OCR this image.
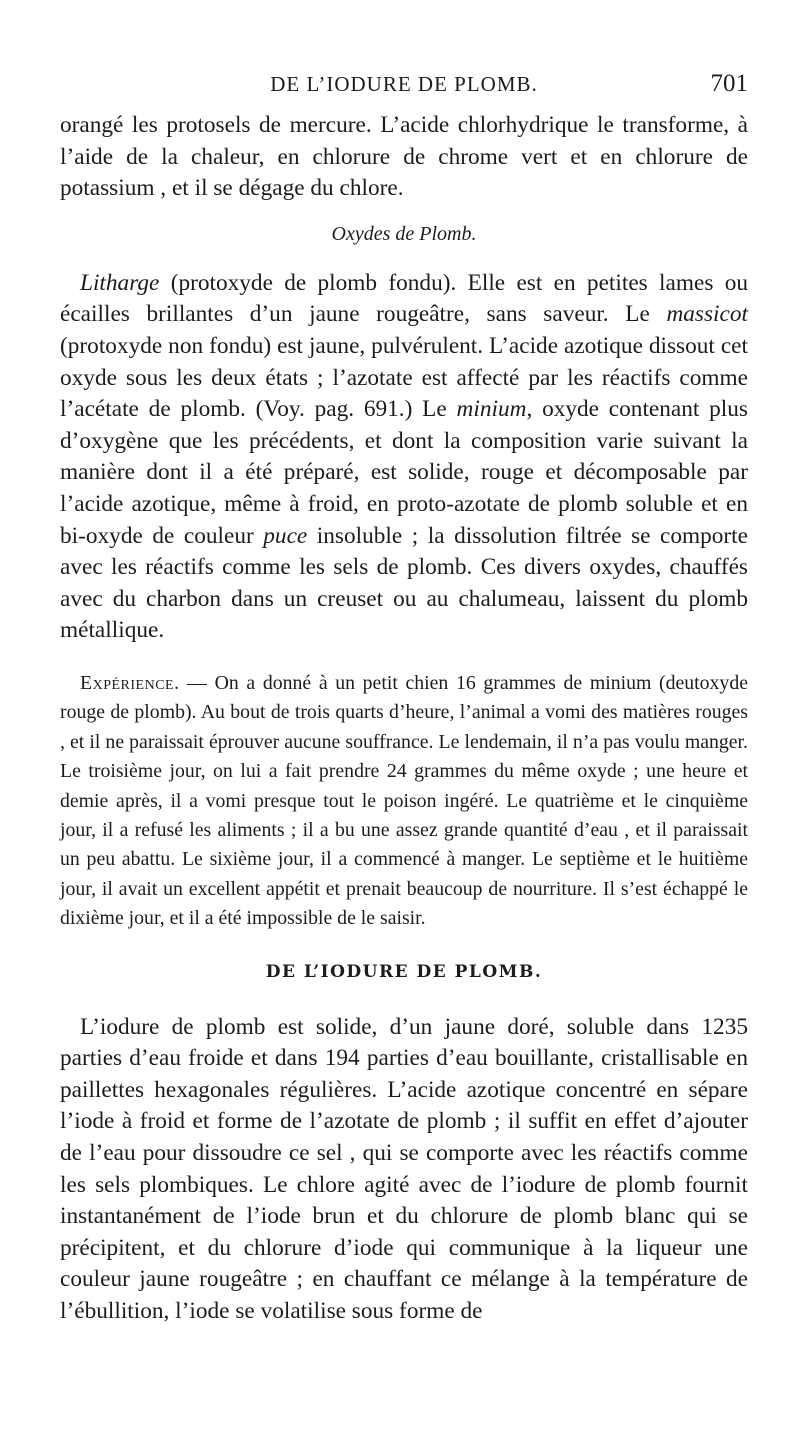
DE L’IODURE DE PLOMB.	701

orangé les protosels de mercure. L’acide chlorhydrique le transforme, à l’aide de la chaleur, en chlorure de chrome vert et en chlorure de potassium , et il se dégage du chlore.

Oxydes de Plomb.

Litharge (protoxyde de plomb fondu). Elle est en petites lames ou écailles brillantes d’un jaune rougeâtre, sans saveur. Le massicot (protoxyde non fondu) est jaune, pulvérulent. L’acide azotique dissout cet oxyde sous les deux états ; l’azotate est affecté par les réactifs comme l’acétate de plomb. (Voy. pag. 691.) Le minium, oxyde contenant plus d’oxygène que les précédents, et dont la composition varie suivant la manière dont il a été préparé, est solide, rouge et décomposable par l’acide azotique, même à froid, en proto-azotate de plomb soluble et en bi-oxyde de couleur puce insoluble ; la dissolution filtrée se comporte avec les réactifs comme les sels de plomb. Ces divers oxydes, chauffés avec du charbon dans un creuset ou au chalumeau, laissent du plomb métallique.

Expérience. — On a donné à un petit chien 16 grammes de minium (deutoxyde rouge de plomb). Au bout de trois quarts d’heure, l’animal a vomi des matières rouges , et il ne paraissait éprouver aucune souffrance. Le lendemain, il n’a pas voulu manger. Le troisième jour, on lui a fait prendre 24 grammes du même oxyde ; une heure et demie après, il a vomi presque tout le poison ingéré. Le quatrième et le cinquième jour, il a refusé les aliments ; il a bu une assez grande quantité d’eau , et il paraissait un peu abattu. Le sixième jour, il a commencé à manger. Le septième et le huitième jour, il avait un excellent appétit et prenait beaucoup de nourriture. Il s’est échappé le dixième jour, et il a été impossible de le saisir.

DE L’IODURE DE PLOMB.

L’iodure de plomb est solide, d’un jaune doré, soluble dans 1235 parties d’eau froide et dans 194 parties d’eau bouillante, cristallisable en paillettes hexagonales régulières. L’acide azotique concentré en sépare l’iode à froid et forme de l’azotate de plomb ; il suffit en effet d’ajouter de l’eau pour dissoudre ce sel , qui se comporte avec les réactifs comme les sels plombiques. Le chlore agité avec de l’iodure de plomb fournit instantanément de l’iode brun et du chlorure de plomb blanc qui se précipitent, et du chlorure d’iode qui communique à la liqueur une couleur jaune rougeâtre ; en chauffant ce mélange à la température de l’ébullition, l’iode se volatilise sous forme de
